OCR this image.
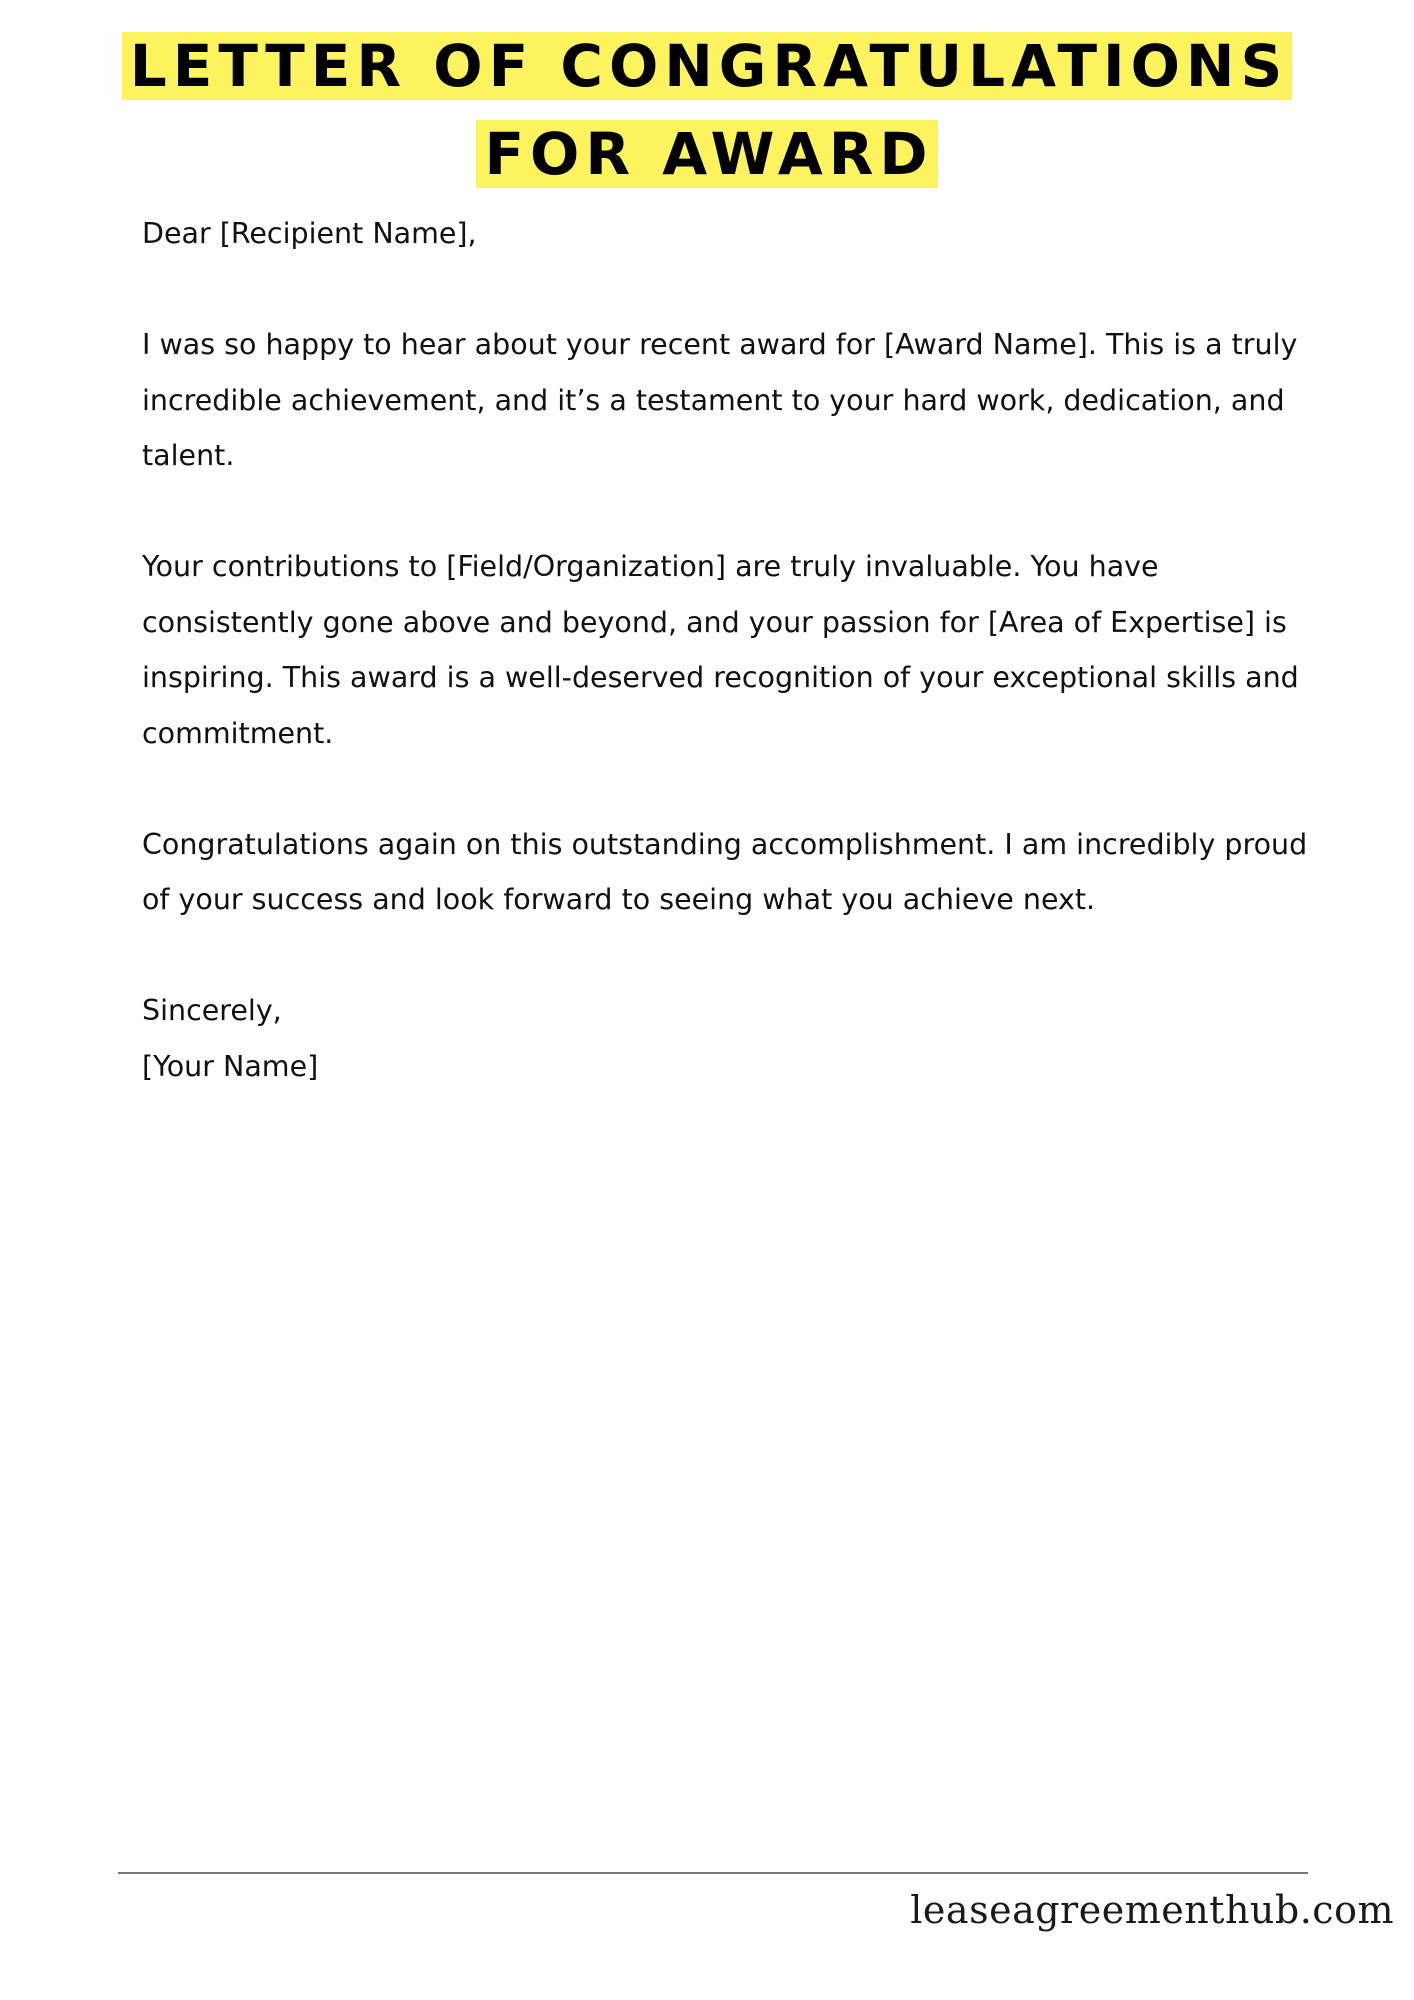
LETTER OF CONGRATULATIONS
FOR AWARD

Dear [Recipient Name],

I was so happy to hear about your recent award for [Award Name]. This is a truly incredible achievement, and it’s a testament to your hard work, dedication, and talent.

Your contributions to [Field/Organization] are truly invaluable. You have consistently gone above and beyond, and your passion for [Area of Expertise] is inspiring. This award is a well-deserved recognition of your exceptional skills and commitment.

Congratulations again on this outstanding accomplishment. I am incredibly proud of your success and look forward to seeing what you achieve next.

Sincerely,

[Your Name]

leaseagreementhub.com
